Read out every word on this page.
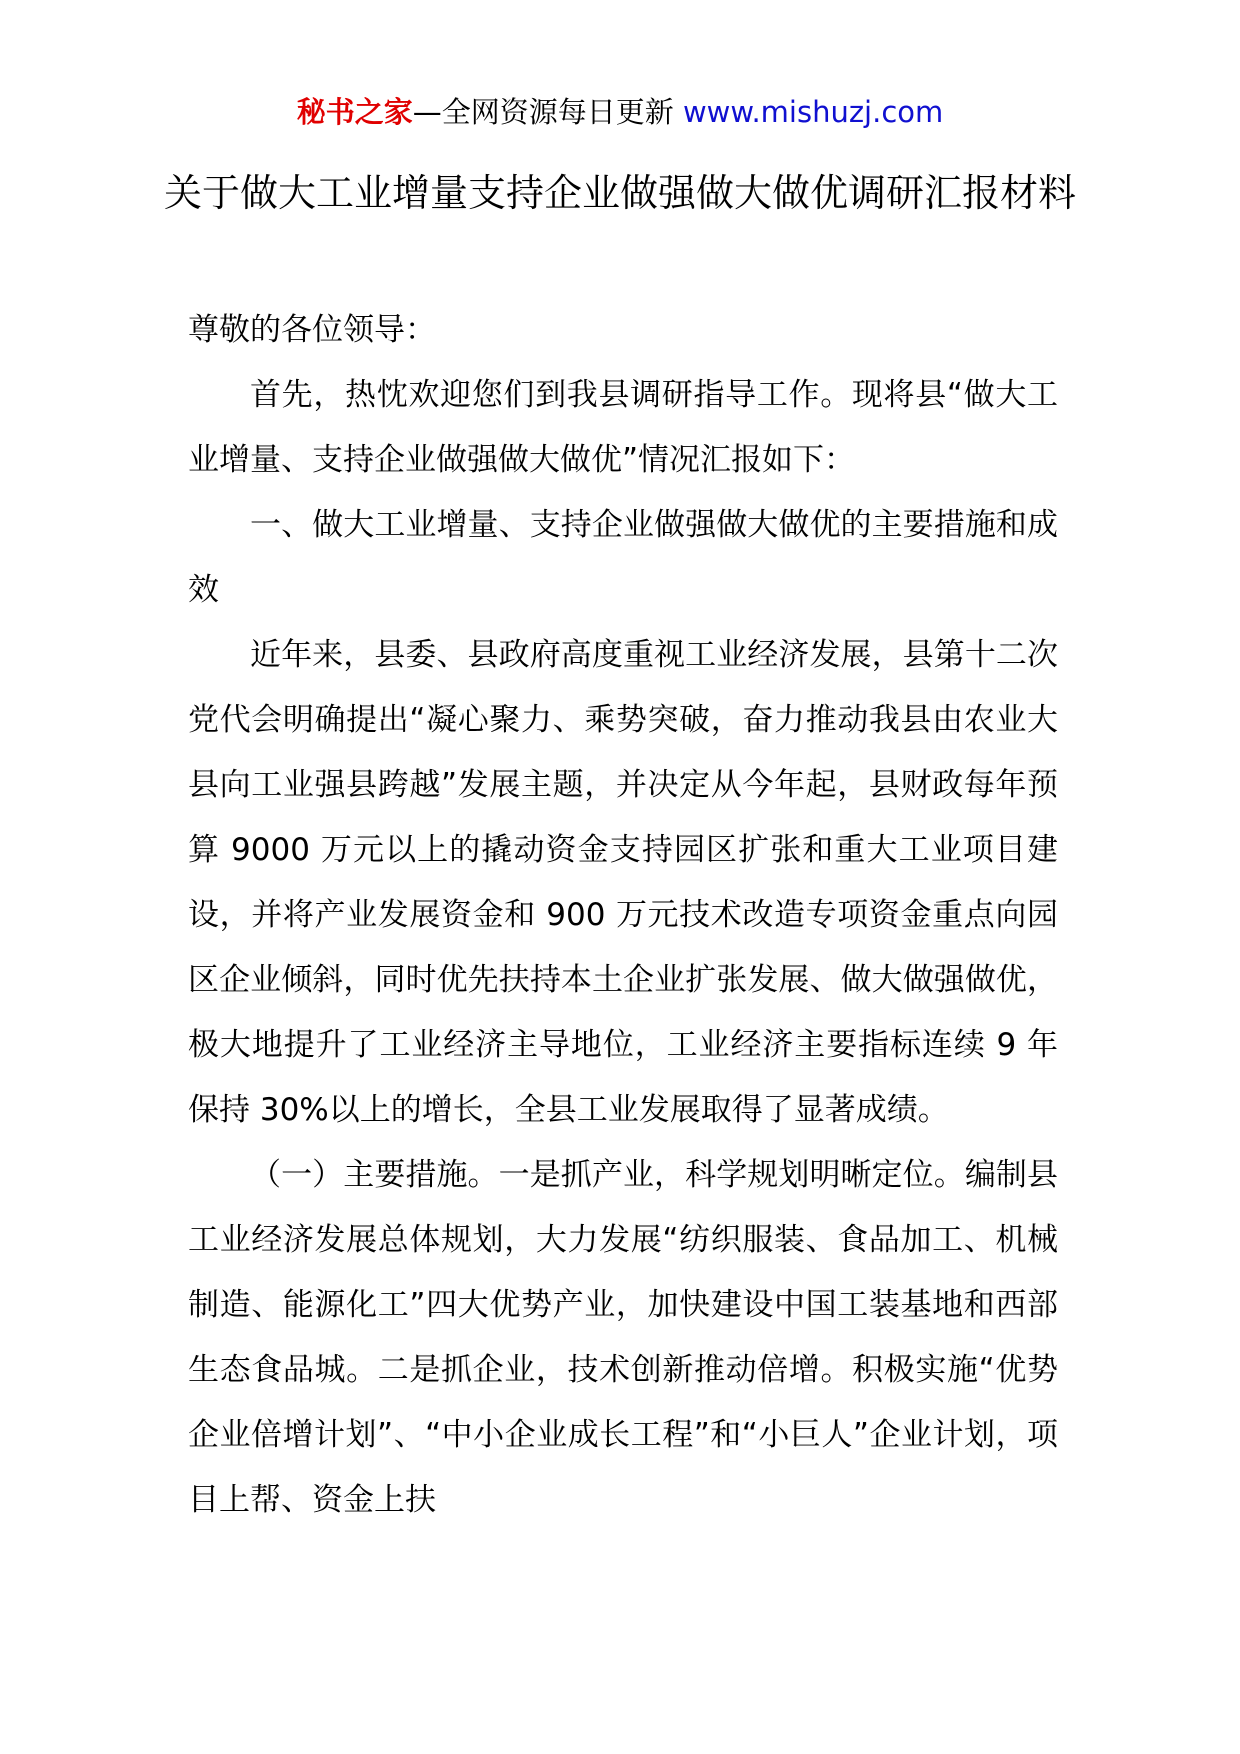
秘书之家—全网资源每日更新 www.mishuzj.com
关于做大工业增量支持企业做强做大做优调研汇报材料

尊敬的各位领导：

首先，热忱欢迎您们到我县调研指导工作。现将县“做大工业增量、支持企业做强做大做优”情况汇报如下：

一、做大工业增量、支持企业做强做大做优的主要措施和成效

近年来，县委、县政府高度重视工业经济发展，县第十二次党代会明确提出“凝心聚力、乘势突破，奋力推动我县由农业大县向工业强县跨越”发展主题，并决定从今年起，县财政每年预算 9000 万元以上的撬动资金支持园区扩张和重大工业项目建设，并将产业发展资金和 900 万元技术改造专项资金重点向园区企业倾斜，同时优先扶持本土企业扩张发展、做大做强做优，极大地提升了工业经济主导地位，工业经济主要指标连续 9 年保持 30%以上的增长，全县工业发展取得了显著成绩。

（一）主要措施。一是抓产业，科学规划明晰定位。编制县工业经济发展总体规划，大力发展“纺织服装、食品加工、机械制造、能源化工”四大优势产业，加快建设中国工装基地和西部生态食品城。二是抓企业，技术创新推动倍增。积极实施“优势企业倍增计划”、“中小企业成长工程”和“小巨人”企业计划，项目上帮、资金上扶
